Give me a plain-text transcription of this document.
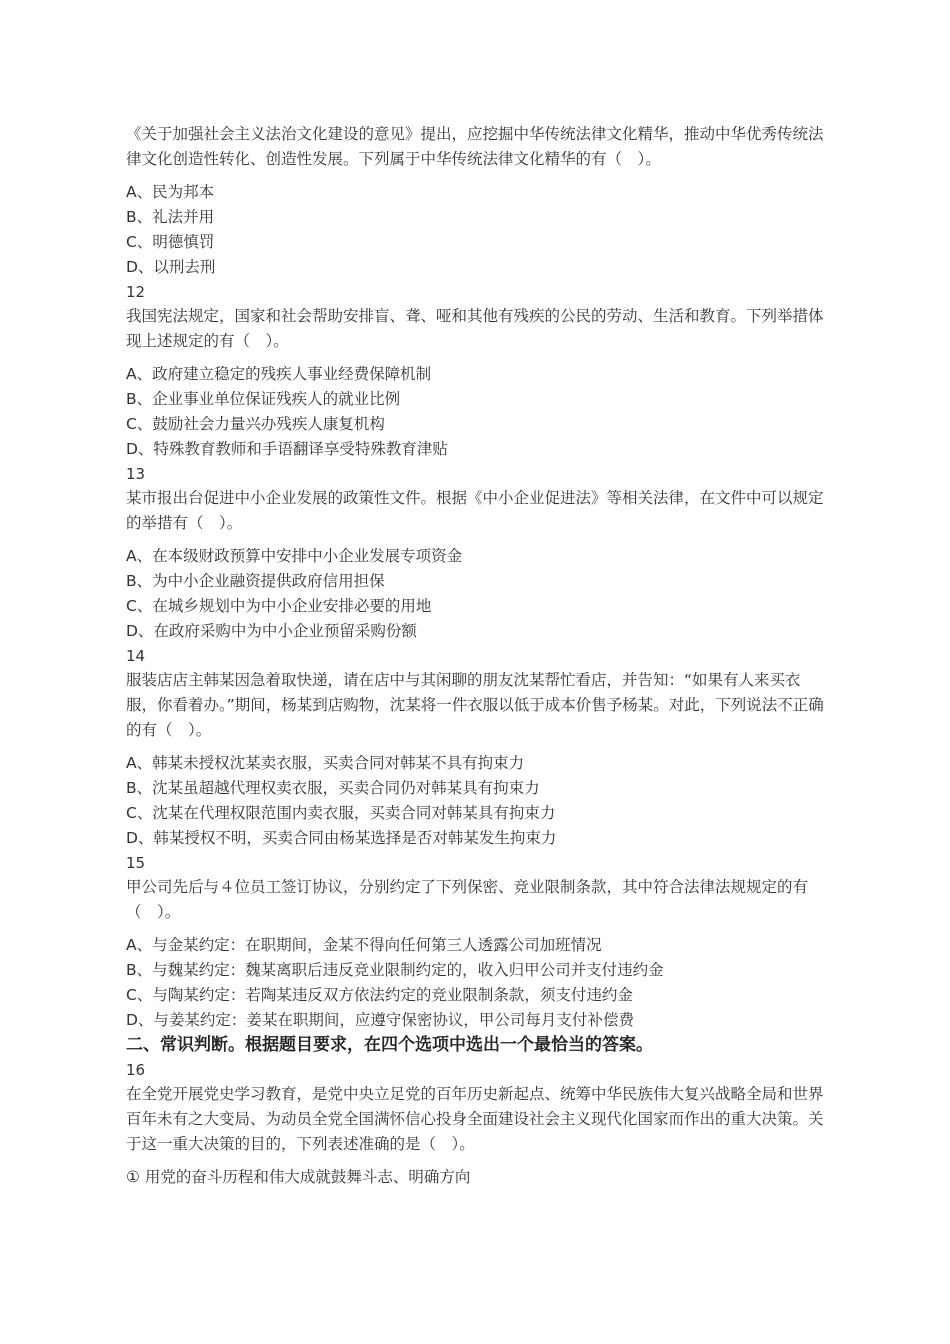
《关于加强社会主义法治文化建设的意见》提出，应挖掘中华传统法律文化精华，推动中华优秀传统法律文化创造性转化、创造性发展。下列属于中华传统法律文化精华的有（　）。

A、民为邦本

B、礼法并用

C、明德慎罚

D、以刑去刑

12

我国宪法规定，国家和社会帮助安排盲、聋、哑和其他有残疾的公民的劳动、生活和教育。下列举措体现上述规定的有（　）。

A、政府建立稳定的残疾人事业经费保障机制

B、企业事业单位保证残疾人的就业比例

C、鼓励社会力量兴办残疾人康复机构

D、特殊教育教师和手语翻译享受特殊教育津贴

13

某市报出台促进中小企业发展的政策性文件。根据《中小企业促进法》等相关法律，在文件中可以规定的举措有（　）。

A、在本级财政预算中安排中小企业发展专项资金

B、为中小企业融资提供政府信用担保

C、在城乡规划中为中小企业安排必要的用地

D、在政府采购中为中小企业预留采购份额

14

服装店店主韩某因急着取快递，请在店中与其闲聊的朋友沈某帮忙看店，并告知：“如果有人来买衣服，你看着办。”期间，杨某到店购物，沈某将一件衣服以低于成本价售予杨某。对此，下列说法不正确的有（　）。

A、韩某未授权沈某卖衣服，买卖合同对韩某不具有拘束力

B、沈某虽超越代理权卖衣服，买卖合同仍对韩某具有拘束力

C、沈某在代理权限范围内卖衣服，买卖合同对韩某具有拘束力

D、韩某授权不明，买卖合同由杨某选择是否对韩某发生拘束力

15

甲公司先后与４位员工签订协议，分别约定了下列保密、竞业限制条款，其中符合法律法规规定的有（　）。

A、与金某约定：在职期间，金某不得向任何第三人透露公司加班情况

B、与魏某约定：魏某离职后违反竞业限制约定的，收入归甲公司并支付违约金

C、与陶某约定：若陶某违反双方依法约定的竞业限制条款，须支付违约金

D、与姜某约定：姜某在职期间，应遵守保密协议，甲公司每月支付补偿费

二、常识判断。根据题目要求，在四个选项中选出一个最恰当的答案。

16

在全党开展党史学习教育，是党中央立足党的百年历史新起点、统筹中华民族伟大复兴战略全局和世界百年未有之大变局、为动员全党全国满怀信心投身全面建设社会主义现代化国家而作出的重大决策。关于这一重大决策的目的，下列表述准确的是（　）。

① 用党的奋斗历程和伟大成就鼓舞斗志、明确方向
